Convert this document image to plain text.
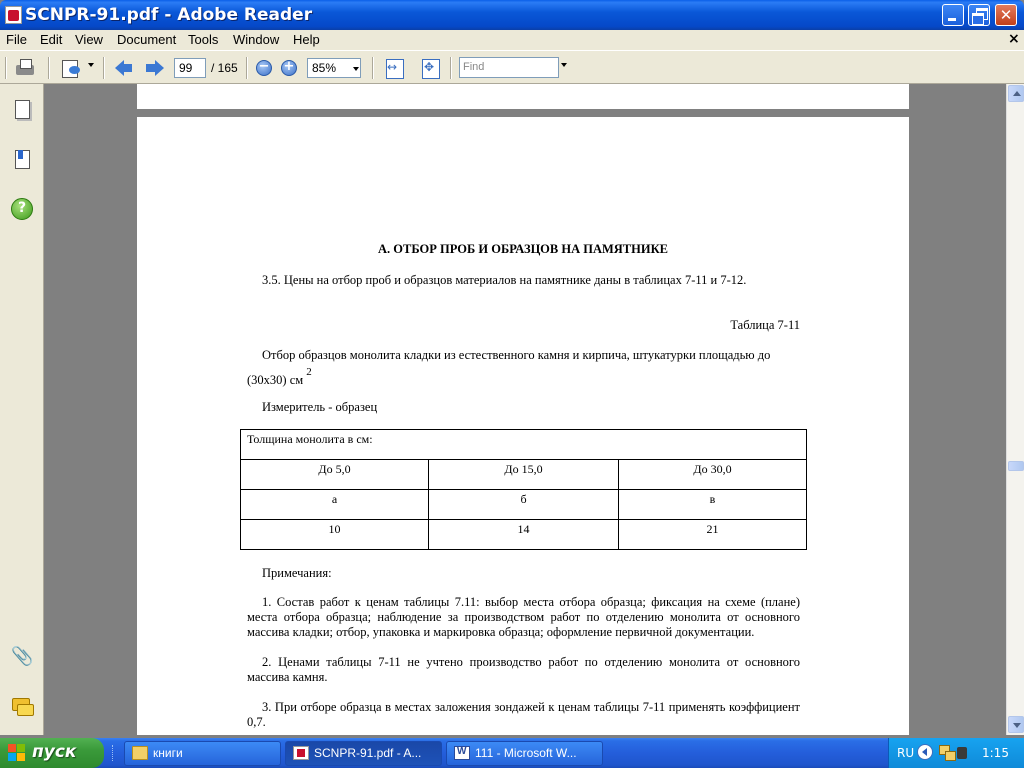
SCNPR-91.pdf - Adobe Reader	✕
File Edit View Document Tools Window Help	×
99	/ 165 − +	85% ↔ ✥	Find
?
📎
А. ОТБОР ПРОБ И ОБРАЗЦОВ НА ПАМЯТНИКЕ
3.5. Цены на отбор проб и образцов материалов на памятнике даны в таблицах 7-11 и 7-12.
Таблица 7-11
Отбор образцов монолита кладки из естественного камня и кирпича, штукатурки площадью до
(30х30) см $^2$
Измеритель - образец
Толщина монолита в см:		
До 5,0	До 15,0	До 30,0
а	б	в
10	14	21
Примечания:
1. Состав работ к ценам таблицы 7.11: выбор места отбора образца; фиксация на схеме (плане) места отбора образца; наблюдение за производством работ по отделению монолита от основного массива кладки; отбор, упаковка и маркировка образца; оформление первичной документации.
2. Ценами таблицы 7-11 не учтено производство работ по отделению монолита от основного массива камня.
3. При отборе образца в местах заложения зондажей к ценам таблицы 7-11 применять коэффициент 0,7.
пуск	книги	SCNPR-91.pdf - A... W	111 - Microsoft W...	RU	1:15
